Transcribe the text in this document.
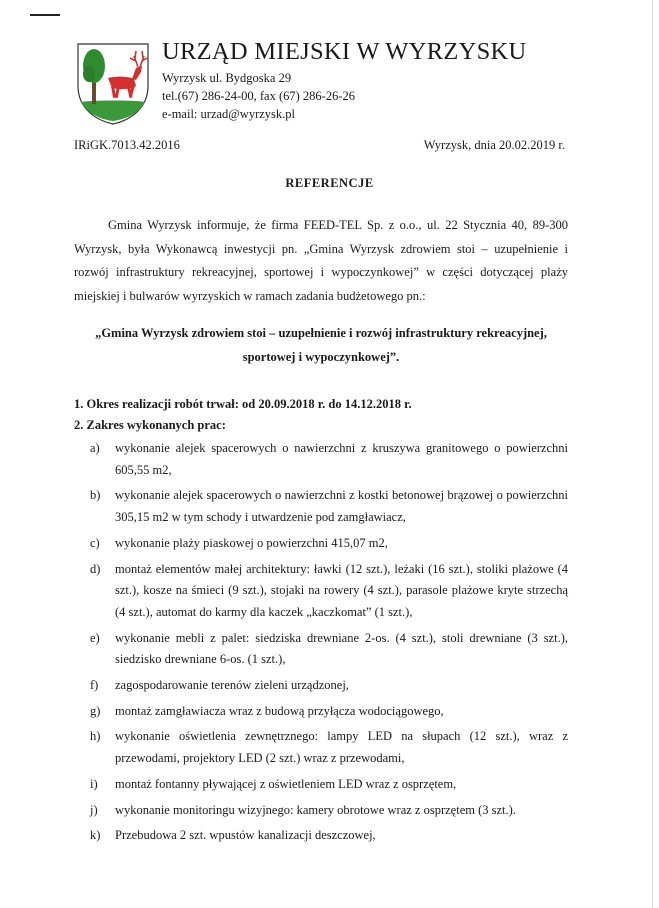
URZĄD MIEJSKI W WYRZYSKU
Wyrzysk ul. Bydgoska 29
tel.(67) 286-24-00, fax (67) 286-26-26
e-mail: urzad@wyrzysk.pl
IRiGK.7013.42.2016	Wyrzysk, dnia 20.02.2019 r.
REFERENCJE

Gmina Wyrzysk informuje, że firma FEED-TEL Sp. z o.o., ul. 22 Stycznia 40, 89-300 Wyrzysk, była Wykonawcą inwestycji pn. „Gmina Wyrzysk zdrowiem stoi – uzupełnienie i rozwój infrastruktury rekreacyjnej, sportowej i wypoczynkowej” w części dotyczącej plaży miejskiej i bulwarów wyrzyskich w ramach zadania budżetowego pn.:

„Gmina Wyrzysk zdrowiem stoi – uzupełnienie i rozwój infrastruktury rekreacyjnej,
sportowej i wypoczynkowej”.
1. Okres realizacji robót trwał: od 20.09.2018 r. do 14.12.2018 r.
2. Zakres wykonanych prac:
a) wykonanie alejek spacerowych o nawierzchni z kruszywa granitowego o powierzchni 605,55 m2,
b) wykonanie alejek spacerowych o nawierzchni z kostki betonowej brązowej o powierzchni 305,15 m2 w tym schody i utwardzenie pod zamgławiacz,
c) wykonanie plaży piaskowej o powierzchni 415,07 m2,
d) montaż elementów małej architektury: ławki (12 szt.), leżaki (16 szt.), stoliki plażowe (4 szt.), kosze na śmieci (9 szt.), stojaki na rowery (4 szt.), parasole plażowe kryte strzechą (4 szt.), automat do karmy dla kaczek „kaczkomat” (1 szt.),
e) wykonanie mebli z palet: siedziska drewniane 2-os. (4 szt.), stoli drewniane (3 szt.), siedzisko drewniane 6-os. (1 szt.),
f) zagospodarowanie terenów zieleni urządzonej,
g) montaż zamgławiacza wraz z budową przyłącza wodociągowego,
h) wykonanie oświetlenia zewnętrznego: lampy LED na słupach (12 szt.), wraz z przewodami, projektory LED (2 szt.) wraz z przewodami,
i) montaż fontanny pływającej z oświetleniem LED wraz z osprzętem,
j) wykonanie monitoringu wizyjnego: kamery obrotowe wraz z osprzętem (3 szt.).
k) Przebudowa 2 szt. wpustów kanalizacji deszczowej,
